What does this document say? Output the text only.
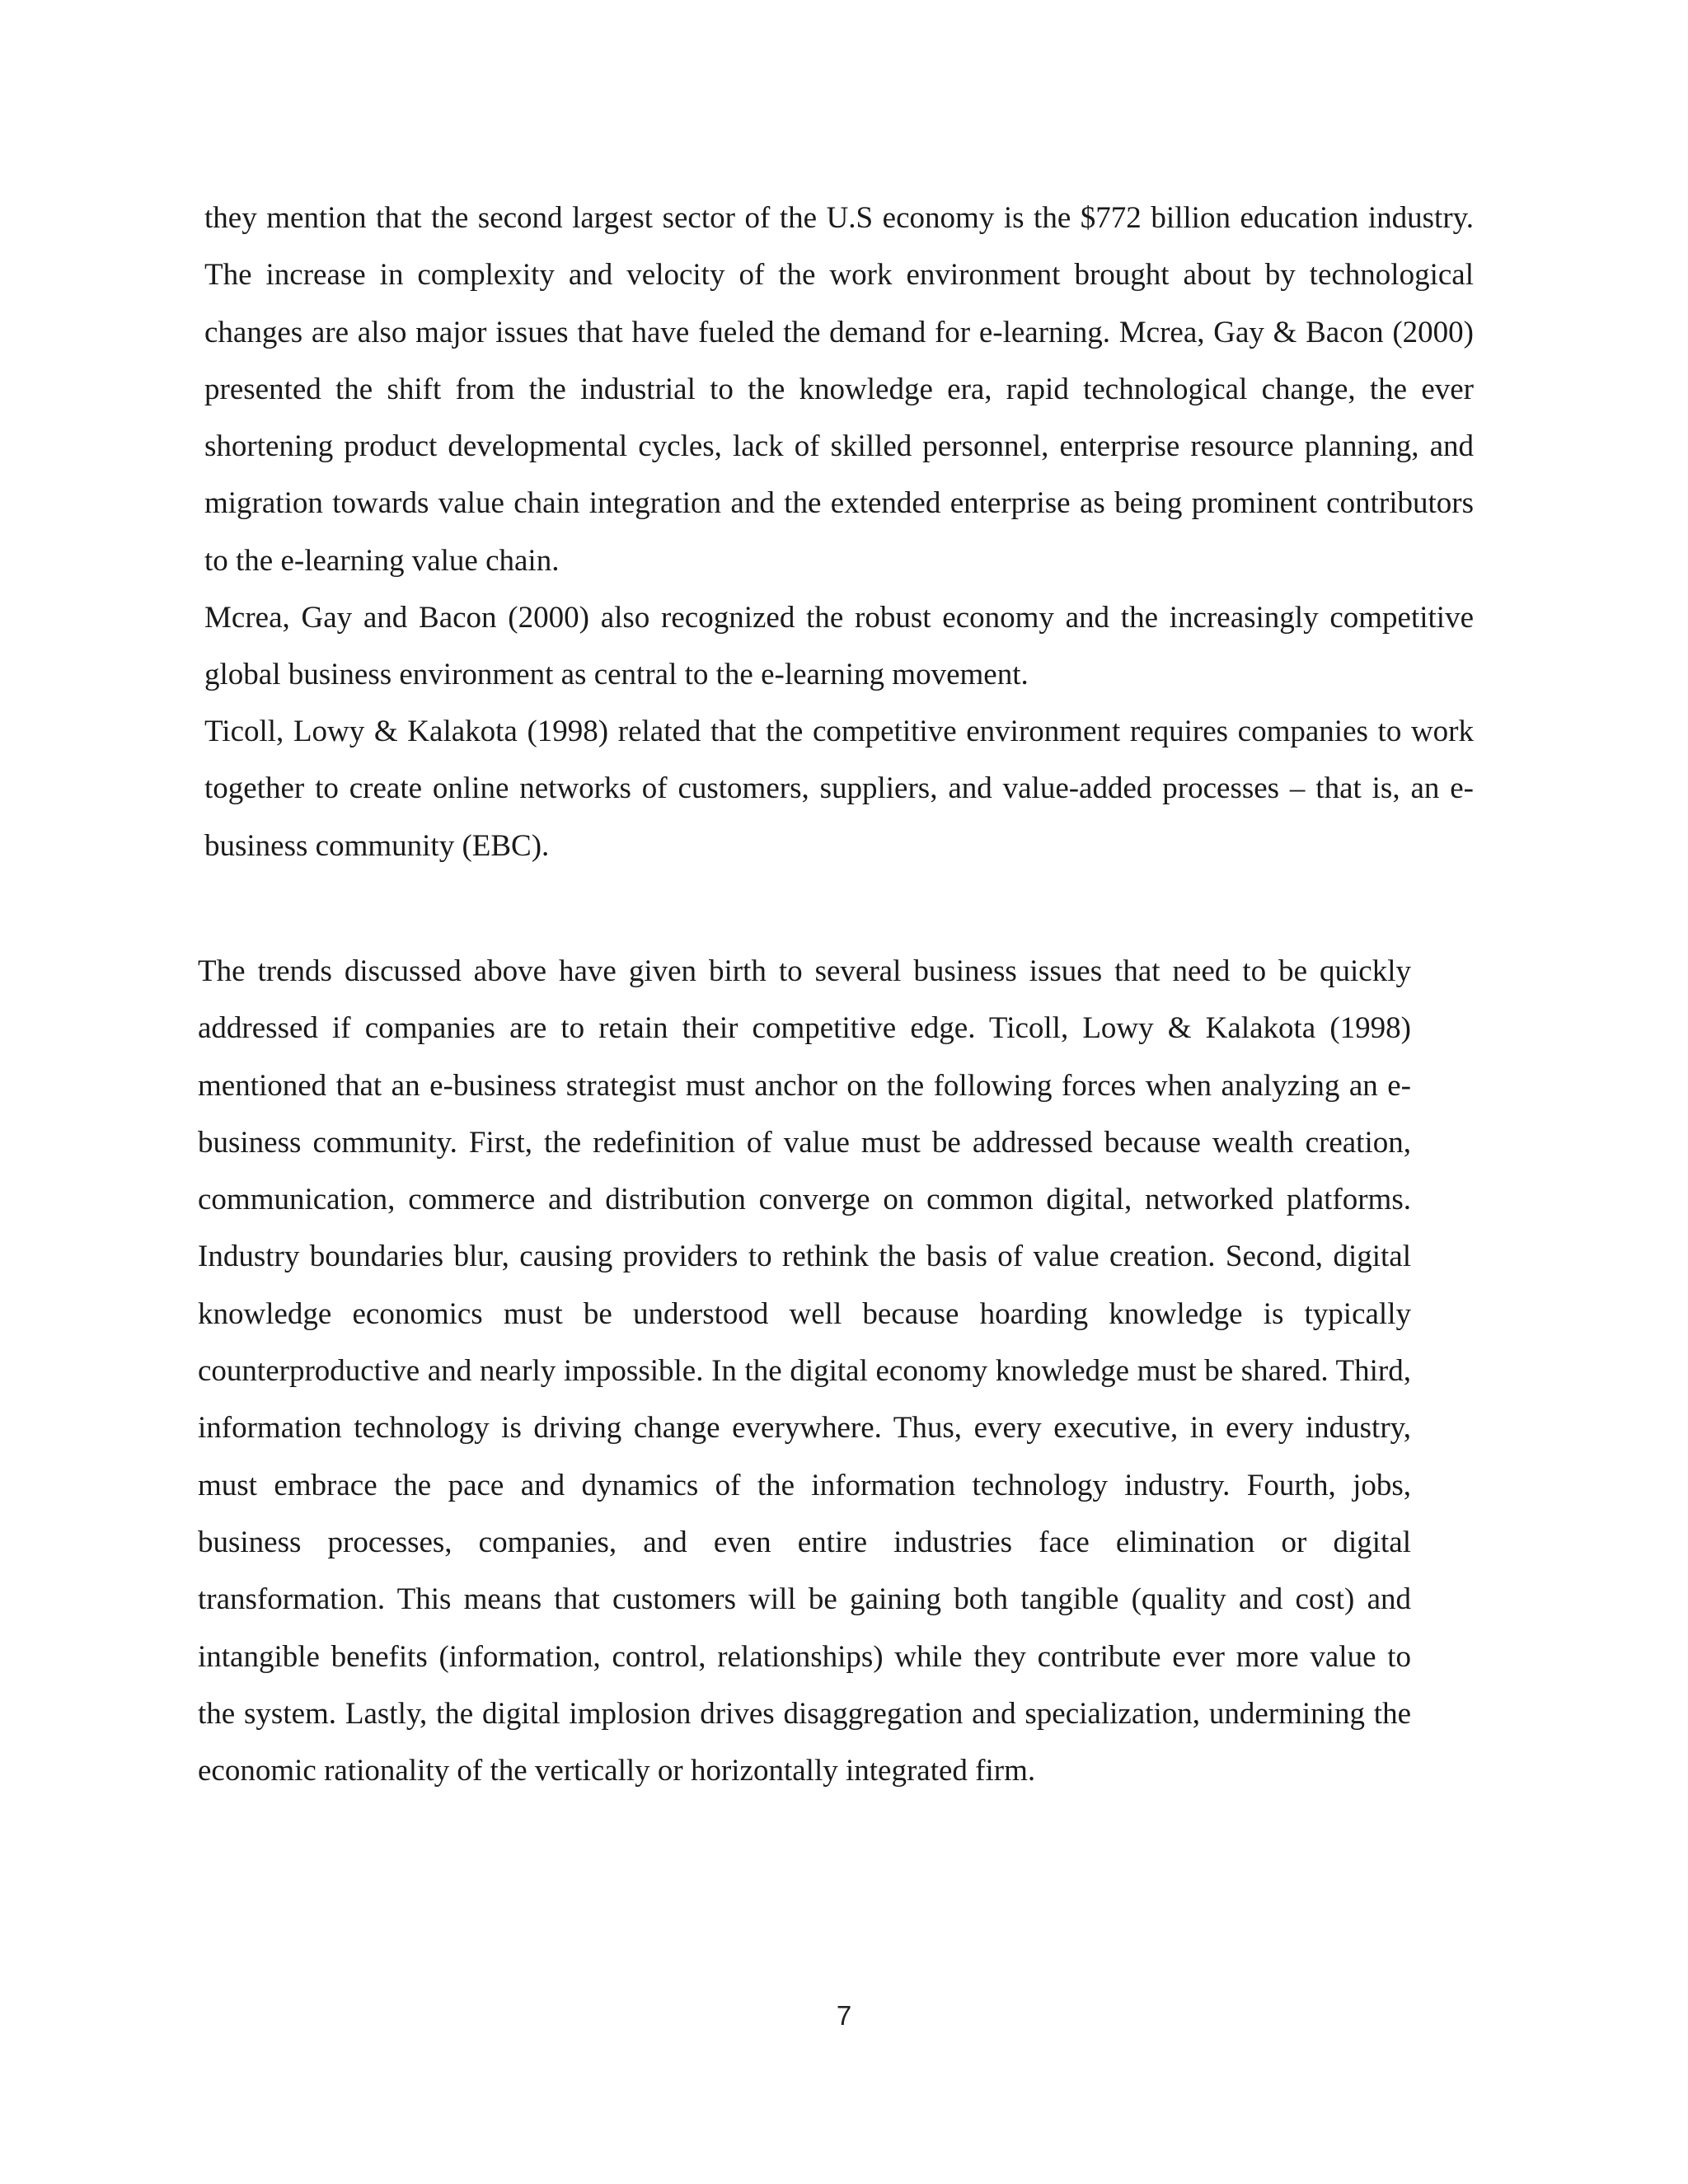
they mention that the second largest sector of the U.S economy is the $772 billion education industry. The increase in complexity and velocity of the work environment brought about by technological changes are also major issues that have fueled the demand for e-learning. Mcrea, Gay & Bacon (2000) presented the shift from the industrial to the knowledge era, rapid technological change, the ever shortening product developmental cycles, lack of skilled personnel, enterprise resource planning, and migration towards value chain integration and the extended enterprise as being prominent contributors to the e-learning value chain.

Mcrea, Gay and Bacon (2000) also recognized the robust economy and the increasingly competitive global business environment as central to the e-learning movement.

Ticoll, Lowy & Kalakota (1998) related that the competitive environment requires companies to work together to create online networks of customers, suppliers, and value-added processes – that is, an e- business community (EBC).

The trends discussed above have given birth to several business issues that need to be quickly addressed if companies are to retain their competitive edge. Ticoll, Lowy & Kalakota (1998) mentioned that an e-business strategist must anchor on the following forces when analyzing an e-business community. First, the redefinition of value must be addressed because wealth creation, communication, commerce and distribution converge on common digital, networked platforms. Industry boundaries blur, causing providers to rethink the basis of value creation. Second, digital knowledge economics must be understood well because hoarding knowledge is typically counterproductive and nearly impossible. In the digital economy knowledge must be shared. Third, information technology is driving change everywhere. Thus, every executive, in every industry, must embrace the pace and dynamics of the information technology industry. Fourth, jobs, business processes, companies, and even entire industries face elimination or digital transformation. This means that customers will be gaining both tangible (quality and cost) and intangible benefits (information, control, relationships) while they contribute ever more value to the system. Lastly, the digital implosion drives disaggregation and specialization, undermining the economic rationality of the vertically or horizontally integrated firm.

7
